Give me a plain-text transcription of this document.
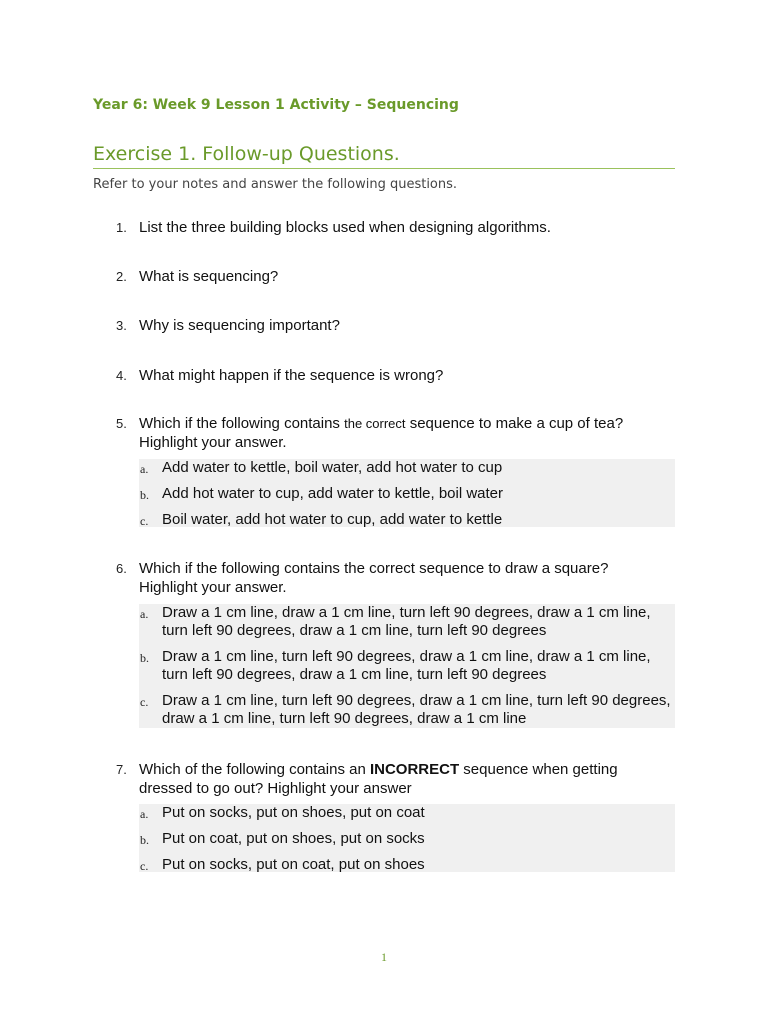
Year 6: Week 9 Lesson 1 Activity – Sequencing
Exercise 1. Follow-up Questions.
Refer to your notes and answer the following questions.
1. List the three building blocks used when designing algorithms.
2. What is sequencing?
3. Why is sequencing important?
4. What might happen if the sequence is wrong?
5. Which if the following contains the correct sequence to make a cup of tea? Highlight your answer.
a. Add water to kettle, boil water, add hot water to cup
b. Add hot water to cup, add water to kettle, boil water
c. Boil water, add hot water to cup, add water to kettle
6. Which if the following contains the correct sequence to draw a square? Highlight your answer.
a. Draw a 1 cm line, draw a 1 cm line, turn left 90 degrees, draw a 1 cm line, turn left 90 degrees, draw a 1 cm line, turn left 90 degrees
b. Draw a 1 cm line, turn left 90 degrees, draw a 1 cm line, draw a 1 cm line, turn left 90 degrees, draw a 1 cm line, turn left 90 degrees
c. Draw a 1 cm line, turn left 90 degrees, draw a 1 cm line, turn left 90 degrees, draw a 1 cm line, turn left 90 degrees, draw a 1 cm line
7. Which of the following contains an INCORRECT sequence when getting dressed to go out? Highlight your answer
a. Put on socks, put on shoes, put on coat
b. Put on coat, put on shoes, put on socks
c. Put on socks, put on coat, put on shoes
1
